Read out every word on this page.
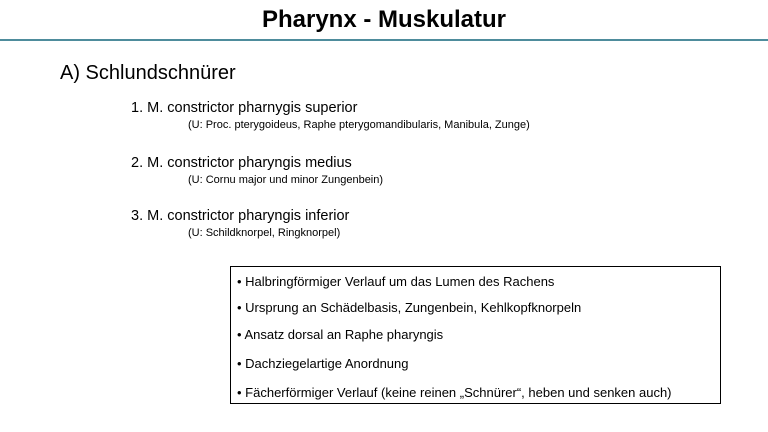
Pharynx - Muskulatur
A) Schlundschnürer
1. M. constrictor pharnygis superior
(U: Proc. pterygoideus, Raphe pterygomandibularis, Manibula, Zunge)
2. M. constrictor pharyngis medius
(U: Cornu major und minor Zungenbein)
3. M. constrictor pharyngis inferior
(U: Schildknorpel, Ringknorpel)
• Halbringförmiger Verlauf um das Lumen des Rachens
• Ursprung an Schädelbasis, Zungenbein, Kehlkopfknorpeln
• Ansatz dorsal an Raphe pharyngis
• Dachziegelartige Anordnung
• Fächerförmiger Verlauf (keine reinen „Schnürer“, heben und senken auch)
